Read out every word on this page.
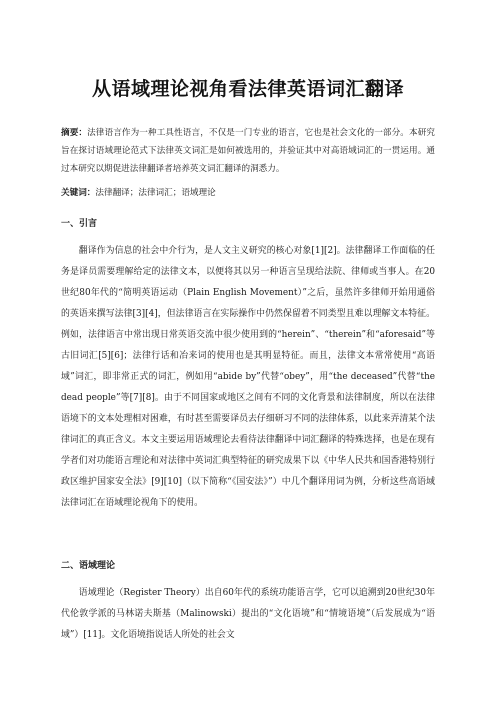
从语域理论视角看法律英语词汇翻译
摘要：法律语言作为一种工具性语言，不仅是一门专业的语言，它也是社会文化的一部分。本研究旨在探讨语域理论范式下法律英文词汇是如何被选用的，并验证其中对高语域词汇的一贯运用。通过本研究以期促进法律翻译者培养英文词汇翻译的洞悉力。
关键词：法律翻译；法律词汇；语域理论
一、引言
翻译作为信息的社会中介行为，是人文主义研究的核心对象[1][2]。法律翻译工作面临的任务是译员需要理解给定的法律文本，以便将其以另一种语言呈现给法院、律师或当事人。在20世纪80年代的“简明英语运动（Plain English Movement）”之后，虽然许多律师开始用通俗的英语来撰写法律[3][4]，但法律语言在实际操作中仍然保留着不同类型且难以理解文本特征。例如，法律语言中常出现日常英语交流中很少使用到的“herein”、“therein”和“aforesaid”等古旧词汇[5][6]；法律行话和冶来词的使用也是其明显特征。而且，法律文本常常使用“高语域”词汇，即非常正式的词汇，例如用“abide by”代替“obey”，用“the deceased”代替“the dead people”等[7][8]。由于不同国家或地区之间有不同的文化背景和法律制度，所以在法律语境下的文本处理相对困难，有时甚至需要译员去仔细研习不同的法律体系，以此来弄清某个法律词汇的真正含义。本文主要运用语域理论去看待法律翻译中词汇翻译的特殊选择，也是在现有学者们对功能语言理论和对法律中英词汇典型特征的研究成果下以《中华人民共和国香港特别行政区维护国家安全法》[9][10]（以下简称“《国安法》”）中几个翻译用词为例，分析这些高语域法律词汇在语域理论视角下的使用。
二、语域理论
语域理论（Register Theory）出自60年代的系统功能语言学，它可以追溯到20世纪30年代伦敦学派的马林诺夫斯基（Malinowski）提出的“文化语境”和“情境语境”（后发展成为“语域”）[11]。文化语境指说话人所处的社会文
